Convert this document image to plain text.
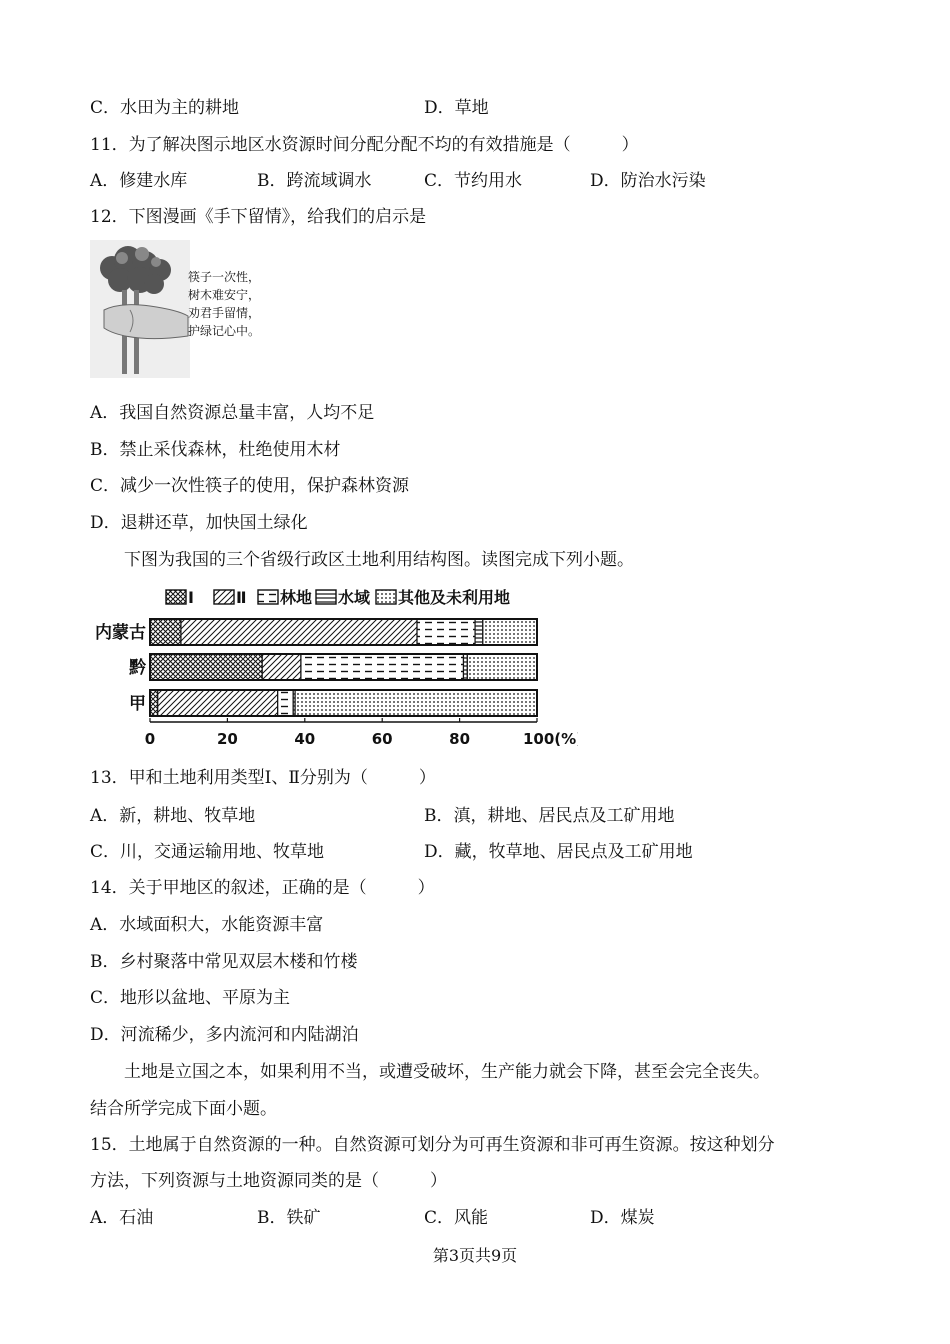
C．水田为主的耕地	D．草地
11．为了解决图示地区水资源时间分配分配不均的有效措施是（　　　）
A．修建水库	B．跨流域调水	C．节约用水	D．防治水污染
12．下图漫画《手下留情》，给我们的启示是
筷子一次性，
树木难安宁，
劝君手留情，
护绿记心中。
A．我国自然资源总量丰富，人均不足
B．禁止采伐森林，杜绝使用木材
C．减少一次性筷子的使用，保护森林资源
D．退耕还草，加快国土绿化
下图为我国的三个省级行政区土地利用结构图。读图完成下列小题。
Ⅰ	Ⅱ 林地 水域 其他及未利用地
内蒙古
黔
甲
0	20	40	60	80	100(%)
13．甲和土地利用类型Ⅰ、Ⅱ分别为（　　　）
A．新，耕地、牧草地	B．滇，耕地、居民点及工矿用地
C．川，交通运输用地、牧草地	D．藏，牧草地、居民点及工矿用地
14．关于甲地区的叙述，正确的是（　　　）
A．水域面积大，水能资源丰富
B．乡村聚落中常见双层木楼和竹楼
C．地形以盆地、平原为主
D．河流稀少，多内流河和内陆湖泊
土地是立国之本，如果利用不当，或遭受破坏，生产能力就会下降，甚至会完全丧失。
结合所学完成下面小题。
15．土地属于自然资源的一种。自然资源可划分为可再生资源和非可再生资源。按这种划分
方法，下列资源与土地资源同类的是（　　　）
A．石油	B．铁矿	C．风能	D．煤炭
第3页共9页
